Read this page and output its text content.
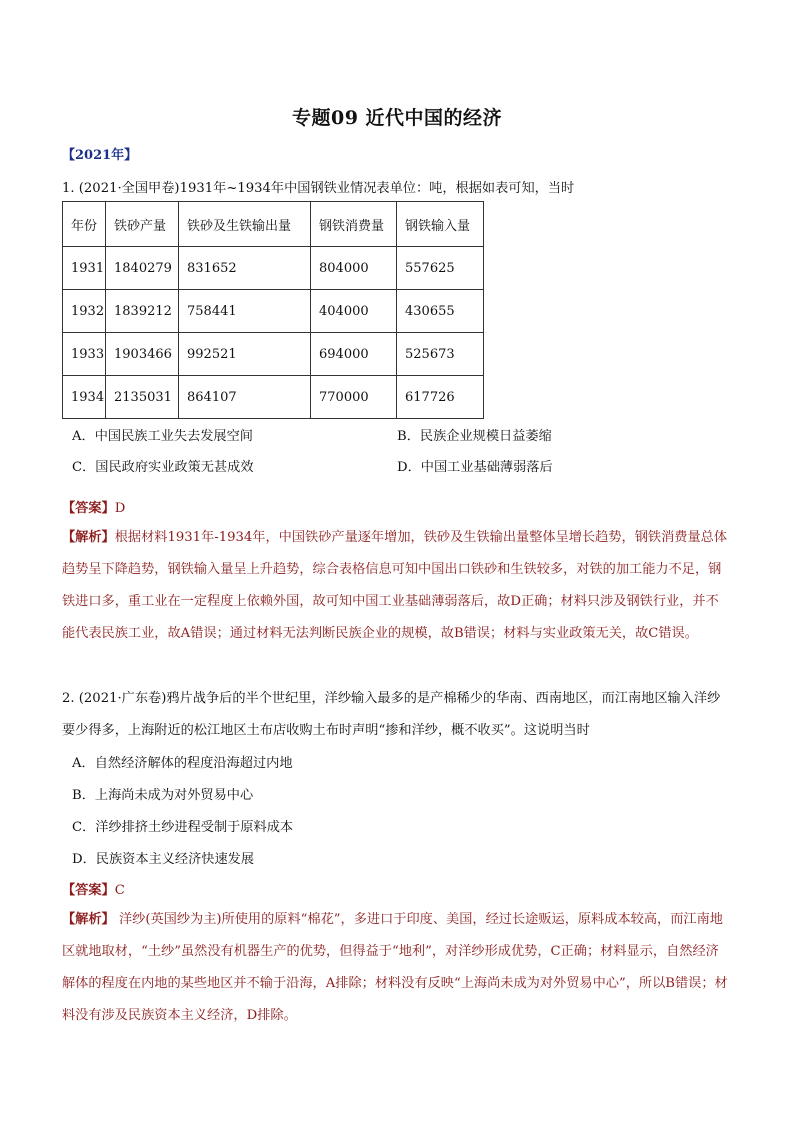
专题09 近代中国的经济
【2021年】
1. (2021·全国甲卷)1931年~1934年中国钢铁业情况表单位：吨，根据如表可知，当时
年份	铁砂产量	铁砂及生铁输出量	钢铁消费量	钢铁输入量
1931	1840279	831652	804000	557625
1932	1839212	758441	404000	430655
1933	1903466	992521	694000	525673
1934	2135031	864107	770000	617726
A．中国民族工业失去发展空间	B．民族企业规模日益萎缩
C．国民政府实业政策无甚成效	D．中国工业基础薄弱落后
【答案】D
【解析】根据材料1931年-1934年，中国铁砂产量逐年增加，铁砂及生铁输出量整体呈增长趋势，钢铁消费量总体趋势呈下降趋势，钢铁输入量呈上升趋势，综合表格信息可知中国出口铁砂和生铁较多，对铁的加工能力不足，钢铁进口多，重工业在一定程度上依赖外国，故可知中国工业基础薄弱落后，故D正确；材料只涉及钢铁行业，并不能代表民族工业，故A错误；通过材料无法判断民族企业的规模，故B错误；材料与实业政策无关，故C错误。
2. (2021·广东卷)鸦片战争后的半个世纪里，洋纱输入最多的是产棉稀少的华南、西南地区，而江南地区输入洋纱要少得多，上海附近的松江地区土布店收购土布时声明“掺和洋纱，概不收买”。这说明当时
A．自然经济解体的程度沿海超过内地
B．上海尚未成为对外贸易中心
C．洋纱排挤土纱进程受制于原料成本
D．民族资本主义经济快速发展
【答案】C
【解析】 洋纱(英国纱为主)所使用的原料“棉花”，多进口于印度、美国，经过长途贩运，原料成本较高，而江南地区就地取材，“土纱”虽然没有机器生产的优势，但得益于“地利”，对洋纱形成优势，C正确；材料显示，自然经济解体的程度在内地的某些地区并不输于沿海，A排除；材料没有反映“上海尚未成为对外贸易中心”，所以B错误；材料没有涉及民族资本主义经济，D排除。
